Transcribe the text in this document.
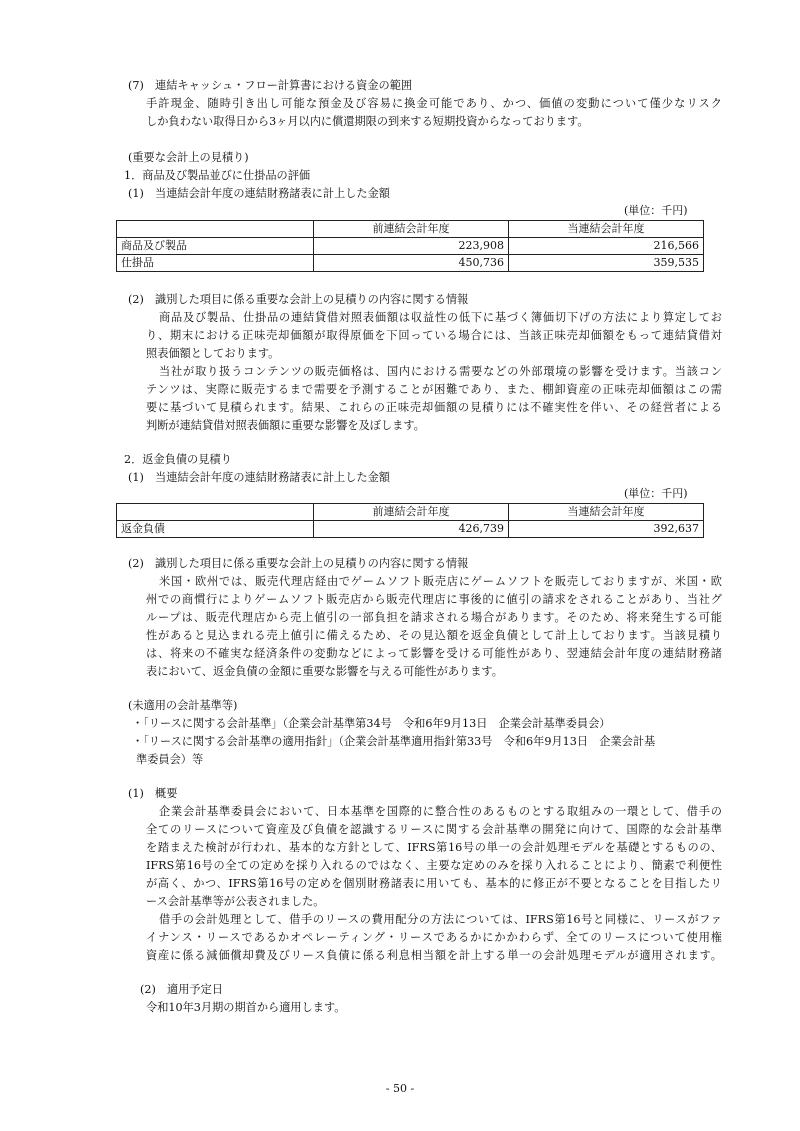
(7)　連結キャッシュ・フロー計算書における資金の範囲
手許現金、随時引き出し可能な預金及び容易に換金可能であり、かつ、価値の変動について僅少なリスク
しか負わない取得日から3ヶ月以内に償還期限の到来する短期投資からなっております。
(重要な会計上の見積り)
1．商品及び製品並びに仕掛品の評価
(1)　当連結会計年度の連結財務諸表に計上した金額
(単位：千円)
	前連結会計年度	当連結会計年度
商品及び製品	223,908	216,566
仕掛品	450,736	359,535
(2)　識別した項目に係る重要な会計上の見積りの内容に関する情報
商品及び製品、仕掛品の連結貸借対照表価額は収益性の低下に基づく簿価切下げの方法により算定してお
り、期末における正味売却価額が取得原価を下回っている場合には、当該正味売却価額をもって連結貸借対
照表価額としております。
当社が取り扱うコンテンツの販売価格は、国内における需要などの外部環境の影響を受けます。当該コン
テンツは、実際に販売するまで需要を予測することが困難であり、また、棚卸資産の正味売却価額はこの需
要に基づいて見積られます。結果、これらの正味売却価額の見積りには不確実性を伴い、その経営者による
判断が連結貸借対照表価額に重要な影響を及ぼします。
2．返金負債の見積り
(1)　当連結会計年度の連結財務諸表に計上した金額
(単位：千円)
	前連結会計年度	当連結会計年度
返金負債	426,739	392,637
(2)　識別した項目に係る重要な会計上の見積りの内容に関する情報
米国・欧州では、販売代理店経由でゲームソフト販売店にゲームソフトを販売しておりますが、米国・欧
州での商慣行によりゲームソフト販売店から販売代理店に事後的に値引の請求をされることがあり、当社グ
ループは、販売代理店から売上値引の一部負担を請求される場合があります。そのため、将来発生する可能
性があると見込まれる売上値引に備えるため、その見込額を返金負債として計上しております。当該見積り
は、将来の不確実な経済条件の変動などによって影響を受ける可能性があり、翌連結会計年度の連結財務諸
表において、返金負債の金額に重要な影響を与える可能性があります。
(未適用の会計基準等)
・「リースに関する会計基準」（企業会計基準第34号　令和6年9月13日　企業会計基準委員会）
・「リースに関する会計基準の適用指針」（企業会計基準適用指針第33号　令和6年9月13日　企業会計基
準委員会）等
(1)　概要
企業会計基準委員会において、日本基準を国際的に整合性のあるものとする取組みの一環として、借手の
全てのリースについて資産及び負債を認識するリースに関する会計基準の開発に向けて、国際的な会計基準
を踏まえた検討が行われ、基本的な方針として、IFRS第16号の単一の会計処理モデルを基礎とするものの、
IFRS第16号の全ての定めを採り入れるのではなく、主要な定めのみを採り入れることにより、簡素で利便性
が高く、かつ、IFRS第16号の定めを個別財務諸表に用いても、基本的に修正が不要となることを目指したリ
ース会計基準等が公表されました。
借手の会計処理として、借手のリースの費用配分の方法については、IFRS第16号と同様に、リースがファ
イナンス・リースであるかオペレーティング・リースであるかにかかわらず、全てのリースについて使用権
資産に係る減価償却費及びリース負債に係る利息相当額を計上する単一の会計処理モデルが適用されます。
(2)　適用予定日
令和10年3月期の期首から適用します。
- 50 -
